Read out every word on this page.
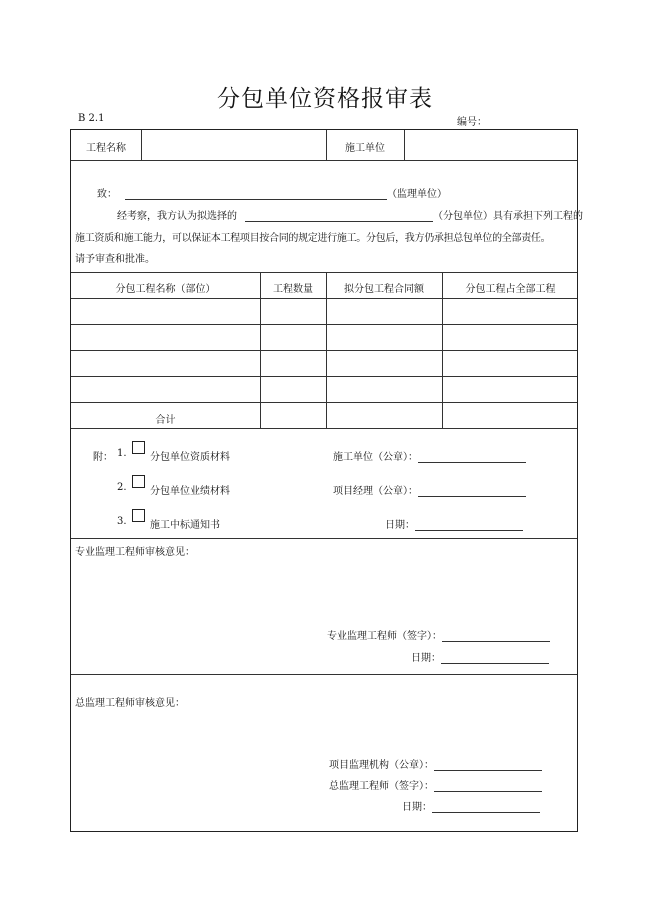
分包单位资格报审表
B 2.1	编号：
工程名称	施工单位
致：	（监理单位）
经考察，我方认为拟选择的	（分包单位）具有承担下列工程的
施工资质和施工能力，可以保证本工程项目按合同的规定进行施工。分包后，我方仍承担总包单位的全部责任。
请予审查和批准。
分包工程名称（部位）	工程数量	拟分包工程合同额	分包工程占全部工程
合计
附： 1. 分包单位资质材料
2. 分包单位业绩材料
3. 施工中标通知书
施工单位（公章）：
项目经理（公章）：
日期：
专业监理工程师审核意见：
专业监理工程师（签字）：
日期：
总监理工程师审核意见：
项目监理机构（公章）：
总监理工程师（签字）：
日期：
